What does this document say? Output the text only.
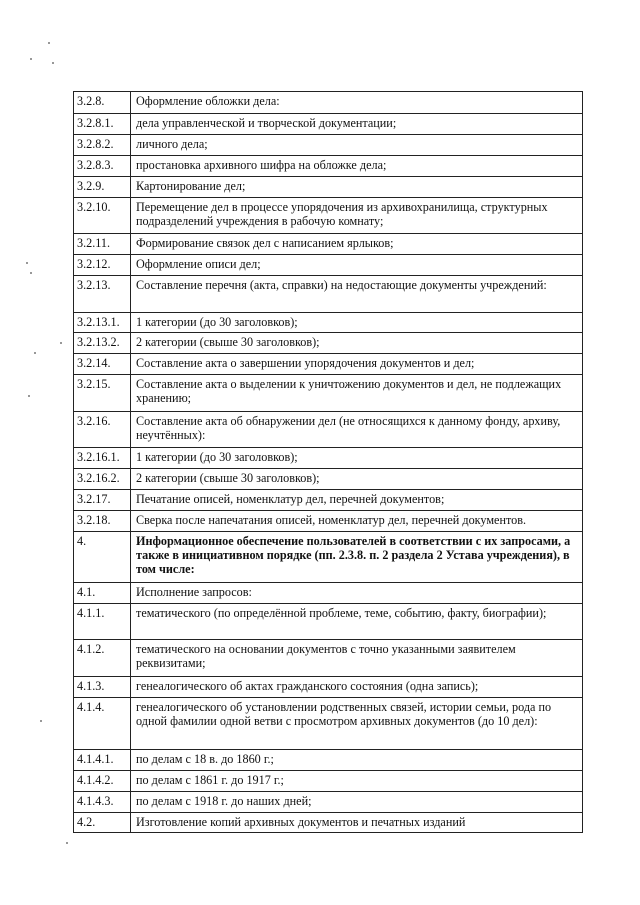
3.2.8.	Оформление обложки дела:
3.2.8.1.	дела управленческой и творческой документации;
3.2.8.2.	личного дела;
3.2.8.3.	простановка архивного шифра на обложке дела;
3.2.9.	Картонирование дел;
3.2.10.	Перемещение дел в процессе упорядочения из архивохранилища, структурных подразделений учреждения в рабочую комнату;
3.2.11.	Формирование связок дел с написанием ярлыков;
3.2.12.	Оформление описи дел;
3.2.13.	Составление перечня (акта, справки) на недостающие документы учреждений:
3.2.13.1.	1 категории (до 30 заголовков);
3.2.13.2.	2 категории (свыше 30 заголовков);
3.2.14.	Составление акта о завершении упорядочения документов и дел;
3.2.15.	Составление акта о выделении к уничтожению документов и дел, не подлежащих хранению;
3.2.16.	Составление акта об обнаружении дел (не относящихся к данному фонду, архиву, неучтённых):
3.2.16.1.	1 категории (до 30 заголовков);
3.2.16.2.	2 категории (свыше 30 заголовков);
3.2.17.	Печатание описей, номенклатур дел, перечней документов;
3.2.18.	Сверка после напечатания описей, номенклатур дел, перечней документов.
4.	Информационное обеспечение пользователей в соответствии с их запросами, а также в инициативном порядке (пп. 2.3.8. п. 2 раздела 2 Устава учреждения), в том числе:
4.1.	Исполнение запросов:
4.1.1.	тематического (по определённой проблеме, теме, событию, факту, биографии);
4.1.2.	тематического на основании документов с точно указанными заявителем реквизитами;
4.1.3.	генеалогического об актах гражданского состояния (одна запись);
4.1.4.	генеалогического об установлении родственных связей, истории семьи, рода по одной фамилии одной ветви с просмотром архивных документов (до 10 дел):
4.1.4.1.	по делам с 18 в. до 1860 г.;
4.1.4.2.	по делам с 1861 г. до 1917 г.;
4.1.4.3.	по делам с 1918 г. до наших дней;
4.2.	Изготовление копий архивных документов и печатных изданий
